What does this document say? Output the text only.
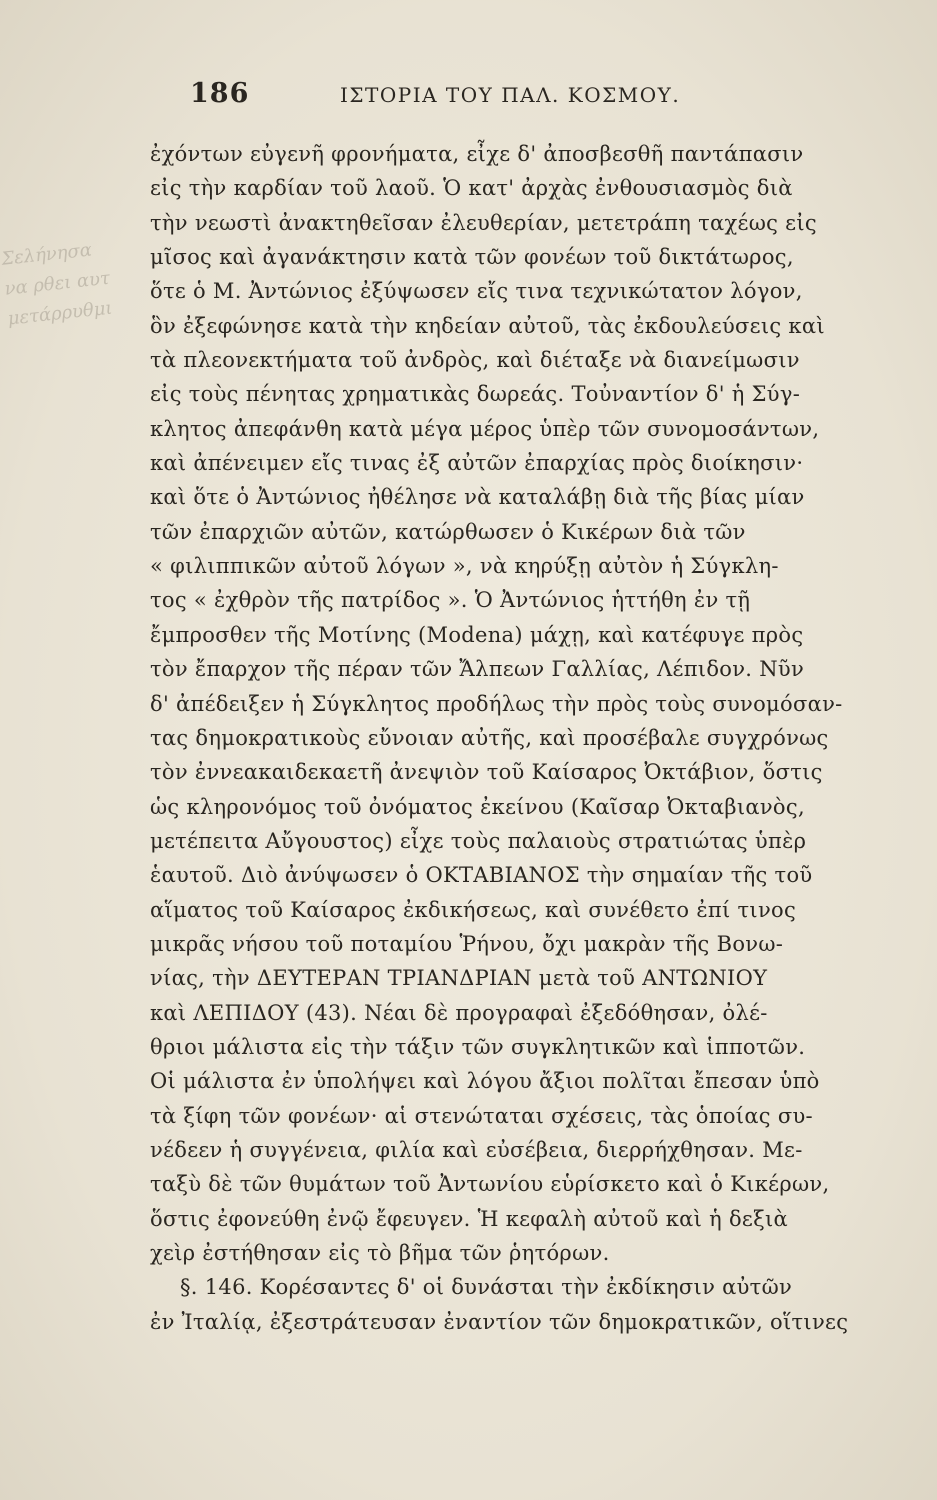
186	ΙΣΤΟΡΙΑ ΤΟΥ ΠΑΛ. ΚΟΣΜΟΥ.
Σελήνησα
να ρθει αυτ
μετάρρυθμι
ἐχόντων εὐγενῆ φρονήματα, εἶχε δ' ἀποσβεσθῆ παντάπασιν
εἰς τὴν καρδίαν τοῦ λαοῦ. Ὁ κατ' ἀρχὰς ἐνθουσιασμὸς διὰ
τὴν νεωστὶ ἀνακτηθεῖσαν ἐλευθερίαν, μετετράπη ταχέως εἰς
μῖσος καὶ ἀγανάκτησιν κατὰ τῶν φονέων τοῦ δικτάτωρος,
ὅτε ὁ Μ. Ἀντώνιος ἐξύψωσεν εἴς τινα τεχνικώτατον λόγον,
ὃν ἐξεφώνησε κατὰ τὴν κηδείαν αὐτοῦ, τὰς ἐκδουλεύσεις καὶ
τὰ πλεονεκτήματα τοῦ ἀνδρὸς, καὶ διέταξε νὰ διανείμωσιν
εἰς τοὺς πένητας χρηματικὰς δωρεάς. Τοὐναντίον δ' ἡ Σύγ-
κλητος ἀπεφάνθη κατὰ μέγα μέρος ὑπὲρ τῶν συνομοσάντων,
καὶ ἀπένειμεν εἴς τινας ἐξ αὐτῶν ἐπαρχίας πρὸς διοίκησιν·
καὶ ὅτε ὁ Ἀντώνιος ἠθέλησε νὰ καταλάβῃ διὰ τῆς βίας μίαν
τῶν ἐπαρχιῶν αὐτῶν, κατώρθωσεν ὁ Κικέρων διὰ τῶν
« φιλιππικῶν αὐτοῦ λόγων », νὰ κηρύξῃ αὐτὸν ἡ Σύγκλη-
τος « ἐχθρὸν τῆς πατρίδος ». Ὁ Ἀντώνιος ἡττήθη ἐν τῇ
ἔμπροσθεν τῆς Μοτίνης (Modena) μάχῃ, καὶ κατέφυγε πρὸς
τὸν ἔπαρχον τῆς πέραν τῶν Ἄλπεων Γαλλίας, Λέπιδον. Νῦν
δ' ἀπέδειξεν ἡ Σύγκλητος προδήλως τὴν πρὸς τοὺς συνομόσαν-
τας δημοκρατικοὺς εὔνοιαν αὐτῆς, καὶ προσέβαλε συγχρόνως
τὸν ἐννεακαιδεκαετῆ ἀνεψιὸν τοῦ Καίσαρος Ὀκτάβιον, ὅστις
ὡς κληρονόμος τοῦ ὀνόματος ἐκείνου (Καῖσαρ Ὀκταβιανὸς,
μετέπειτα Αὔγουστος) εἶχε τοὺς παλαιοὺς στρατιώτας ὑπὲρ
ἑαυτοῦ. Διὸ ἀνύψωσεν ὁ ΟΚΤΑΒΙΑΝΟΣ τὴν σημαίαν τῆς τοῦ
αἵματος τοῦ Καίσαρος ἐκδικήσεως, καὶ συνέθετο ἐπί τινος
μικρᾶς νήσου τοῦ ποταμίου Ῥήνου, ὄχι μακρὰν τῆς Βονω-
νίας, τὴν ΔΕΥΤΕΡΑΝ ΤΡΙΑΝΔΡΙΑΝ μετὰ τοῦ ΑΝΤΩΝΙΟΥ
καὶ ΛΕΠΙΔΟΥ (43). Νέαι δὲ προγραφαὶ ἐξεδόθησαν, ὀλέ-
θριοι μάλιστα εἰς τὴν τάξιν τῶν συγκλητικῶν καὶ ἱπποτῶν.
Οἱ μάλιστα ἐν ὑπολήψει καὶ λόγου ἄξιοι πολῖται ἔπεσαν ὑπὸ
τὰ ξίφη τῶν φονέων· αἱ στενώταται σχέσεις, τὰς ὁποίας συ-
νέδεεν ἡ συγγένεια, φιλία καὶ εὐσέβεια, διερρήχθησαν. Με-
ταξὺ δὲ τῶν θυμάτων τοῦ Ἀντωνίου εὑρίσκετο καὶ ὁ Κικέρων,
ὅστις ἐφονεύθη ἐνῷ ἔφευγεν. Ἡ κεφαλὴ αὐτοῦ καὶ ἡ δεξιὰ
χεὶρ ἐστήθησαν εἰς τὸ βῆμα τῶν ῥητόρων.
§. 146. Κορέσαντες δ' οἱ δυνάσται τὴν ἐκδίκησιν αὐτῶν
ἐν Ἰταλίᾳ, ἐξεστράτευσαν ἐναντίον τῶν δημοκρατικῶν, οἵτινες
